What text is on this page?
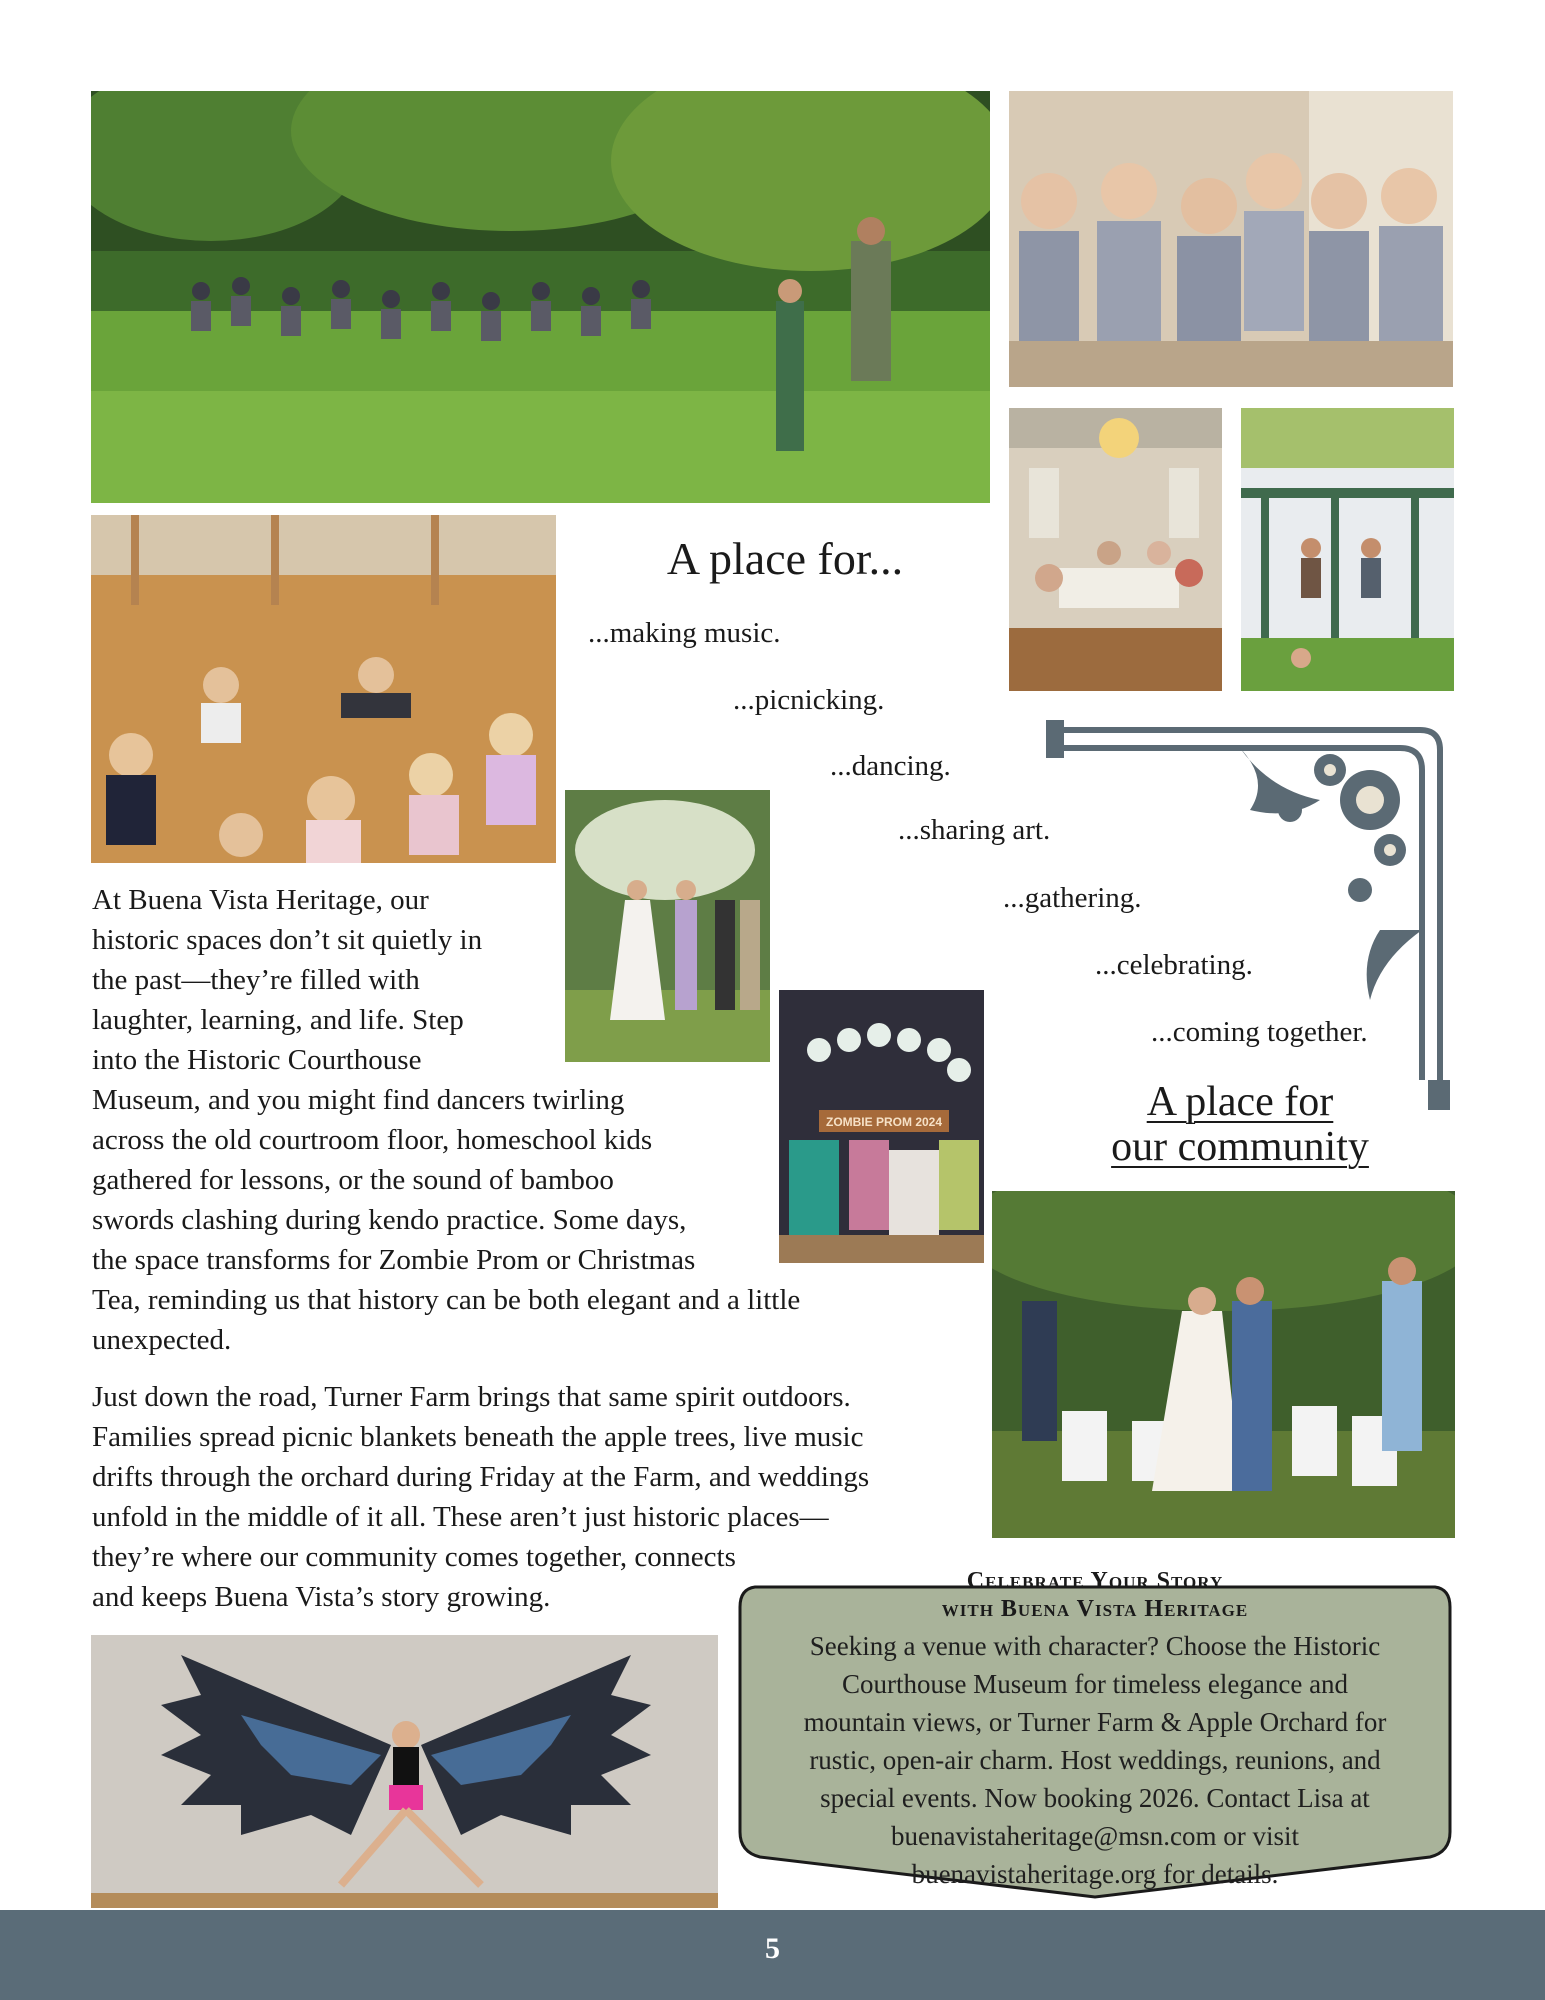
ZOMBIE PROM 2024
A place for...
...making music.
...picnicking.
...dancing.
...sharing art.
...gathering.
...celebrating.
...coming together.
A place for
our community
At Buena Vista Heritage, our
historic spaces don’t sit quietly in
the past—they’re filled with
laughter, learning, and life. Step
into the Historic Courthouse
Museum, and you might find dancers twirling
across the old courtroom floor, homeschool kids
gathered for lessons, or the sound of bamboo
swords clashing during kendo practice. Some days,
the space transforms for Zombie Prom or Christmas
Tea, reminding us that history can be both elegant and a little
unexpected.
Just down the road, Turner Farm brings that same spirit outdoors.
Families spread picnic blankets beneath the apple trees, live music
drifts through the orchard during Friday at the Farm, and weddings
unfold in the middle of it all. These aren’t just historic places—
they’re where our community comes together, connects
and keeps Buena Vista’s story growing.	Celebrate Your Story
with Buena Vista Heritage
Seeking a venue with character? Choose the Historic
Courthouse Museum for timeless elegance and
mountain views, or Turner Farm & Apple Orchard for
rustic, open-air charm. Host weddings, reunions, and
special events. Now booking 2026. Contact Lisa at
buenavistaheritage@msn.com or visit
buenavistaheritage.org for details.
5
